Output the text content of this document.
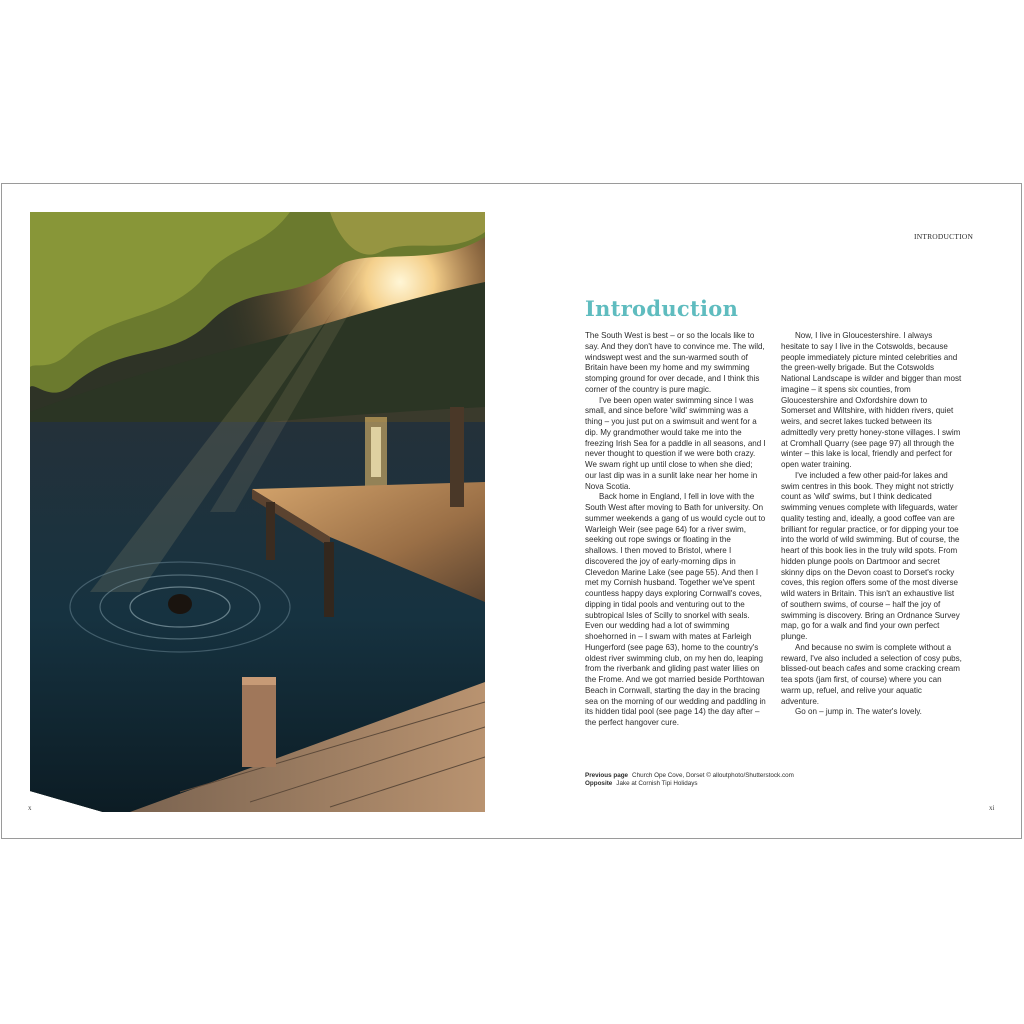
x	xi
INTRODUCTION
Introduction

The South West is best – or so the locals like to say. And they don't have to convince me. The wild, windswept west and the sun-warmed south of Britain have been my home and my swimming stomping ground for over decade, and I think this corner of the country is pure magic.

I've been open water swimming since I was small, and since before 'wild' swimming was a thing – you just put on a swimsuit and went for a dip. My grandmother would take me into the freezing Irish Sea for a paddle in all seasons, and I never thought to question if we were both crazy. We swam right up until close to when she died; our last dip was in a sunlit lake near her home in Nova Scotia.

Back home in England, I fell in love with the South West after moving to Bath for university. On summer weekends a gang of us would cycle out to Warleigh Weir (see page 64) for a river swim, seeking out rope swings or floating in the shallows. I then moved to Bristol, where I discovered the joy of early-morning dips in Clevedon Marine Lake (see page 55). And then I met my Cornish husband. Together we've spent countless happy days exploring Cornwall's coves, dipping in tidal pools and venturing out to the subtropical Isles of Scilly to snorkel with seals. Even our wedding had a lot of swimming shoehorned in – I swam with mates at Farleigh Hungerford (see page 63), home to the country's oldest river swimming club, on my hen do, leaping from the riverbank and gliding past water lilies on the Frome. And we got married beside Porthtowan Beach in Cornwall, starting the day in the bracing sea on the morning of our wedding and paddling in its hidden tidal pool (see page 14) the day after – the perfect hangover cure.

Now, I live in Gloucestershire. I always hesitate to say I live in the Cotswolds, because people immediately picture minted celebrities and the green-welly brigade. But the Cotswolds National Landscape is wilder and bigger than most imagine – it spens six counties, from Gloucestershire and Oxfordshire down to Somerset and Wiltshire, with hidden rivers, quiet weirs, and secret lakes tucked between its admittedly very pretty honey-stone villages. I swim at Cromhall Quarry (see page 97) all through the winter – this lake is local, friendly and perfect for open water training.

I've included a few other paid-for lakes and swim centres in this book. They might not strictly count as 'wild' swims, but I think dedicated swimming venues complete with lifeguards, water quality testing and, ideally, a good coffee van are brilliant for regular practice, or for dipping your toe into the world of wild swimming. But of course, the heart of this book lies in the truly wild spots. From hidden plunge pools on Dartmoor and secret skinny dips on the Devon coast to Dorset's rocky coves, this region offers some of the most diverse wild waters in Britain. This isn't an exhaustive list of southern swims, of course – half the joy of swimming is discovery. Bring an Ordnance Survey map, go for a walk and find your own perfect plunge.

And because no swim is complete without a reward, I've also included a selection of cosy pubs, blissed-out beach cafes and some cracking cream tea spots (jam first, of course) where you can warm up, refuel, and relive your aquatic adventure.

Go on – jump in. The water's lovely.

Previous page Church Ope Cove, Dorset © alloutphoto/Shutterstock.com
Opposite Jake at Cornish Tipi Holidays
